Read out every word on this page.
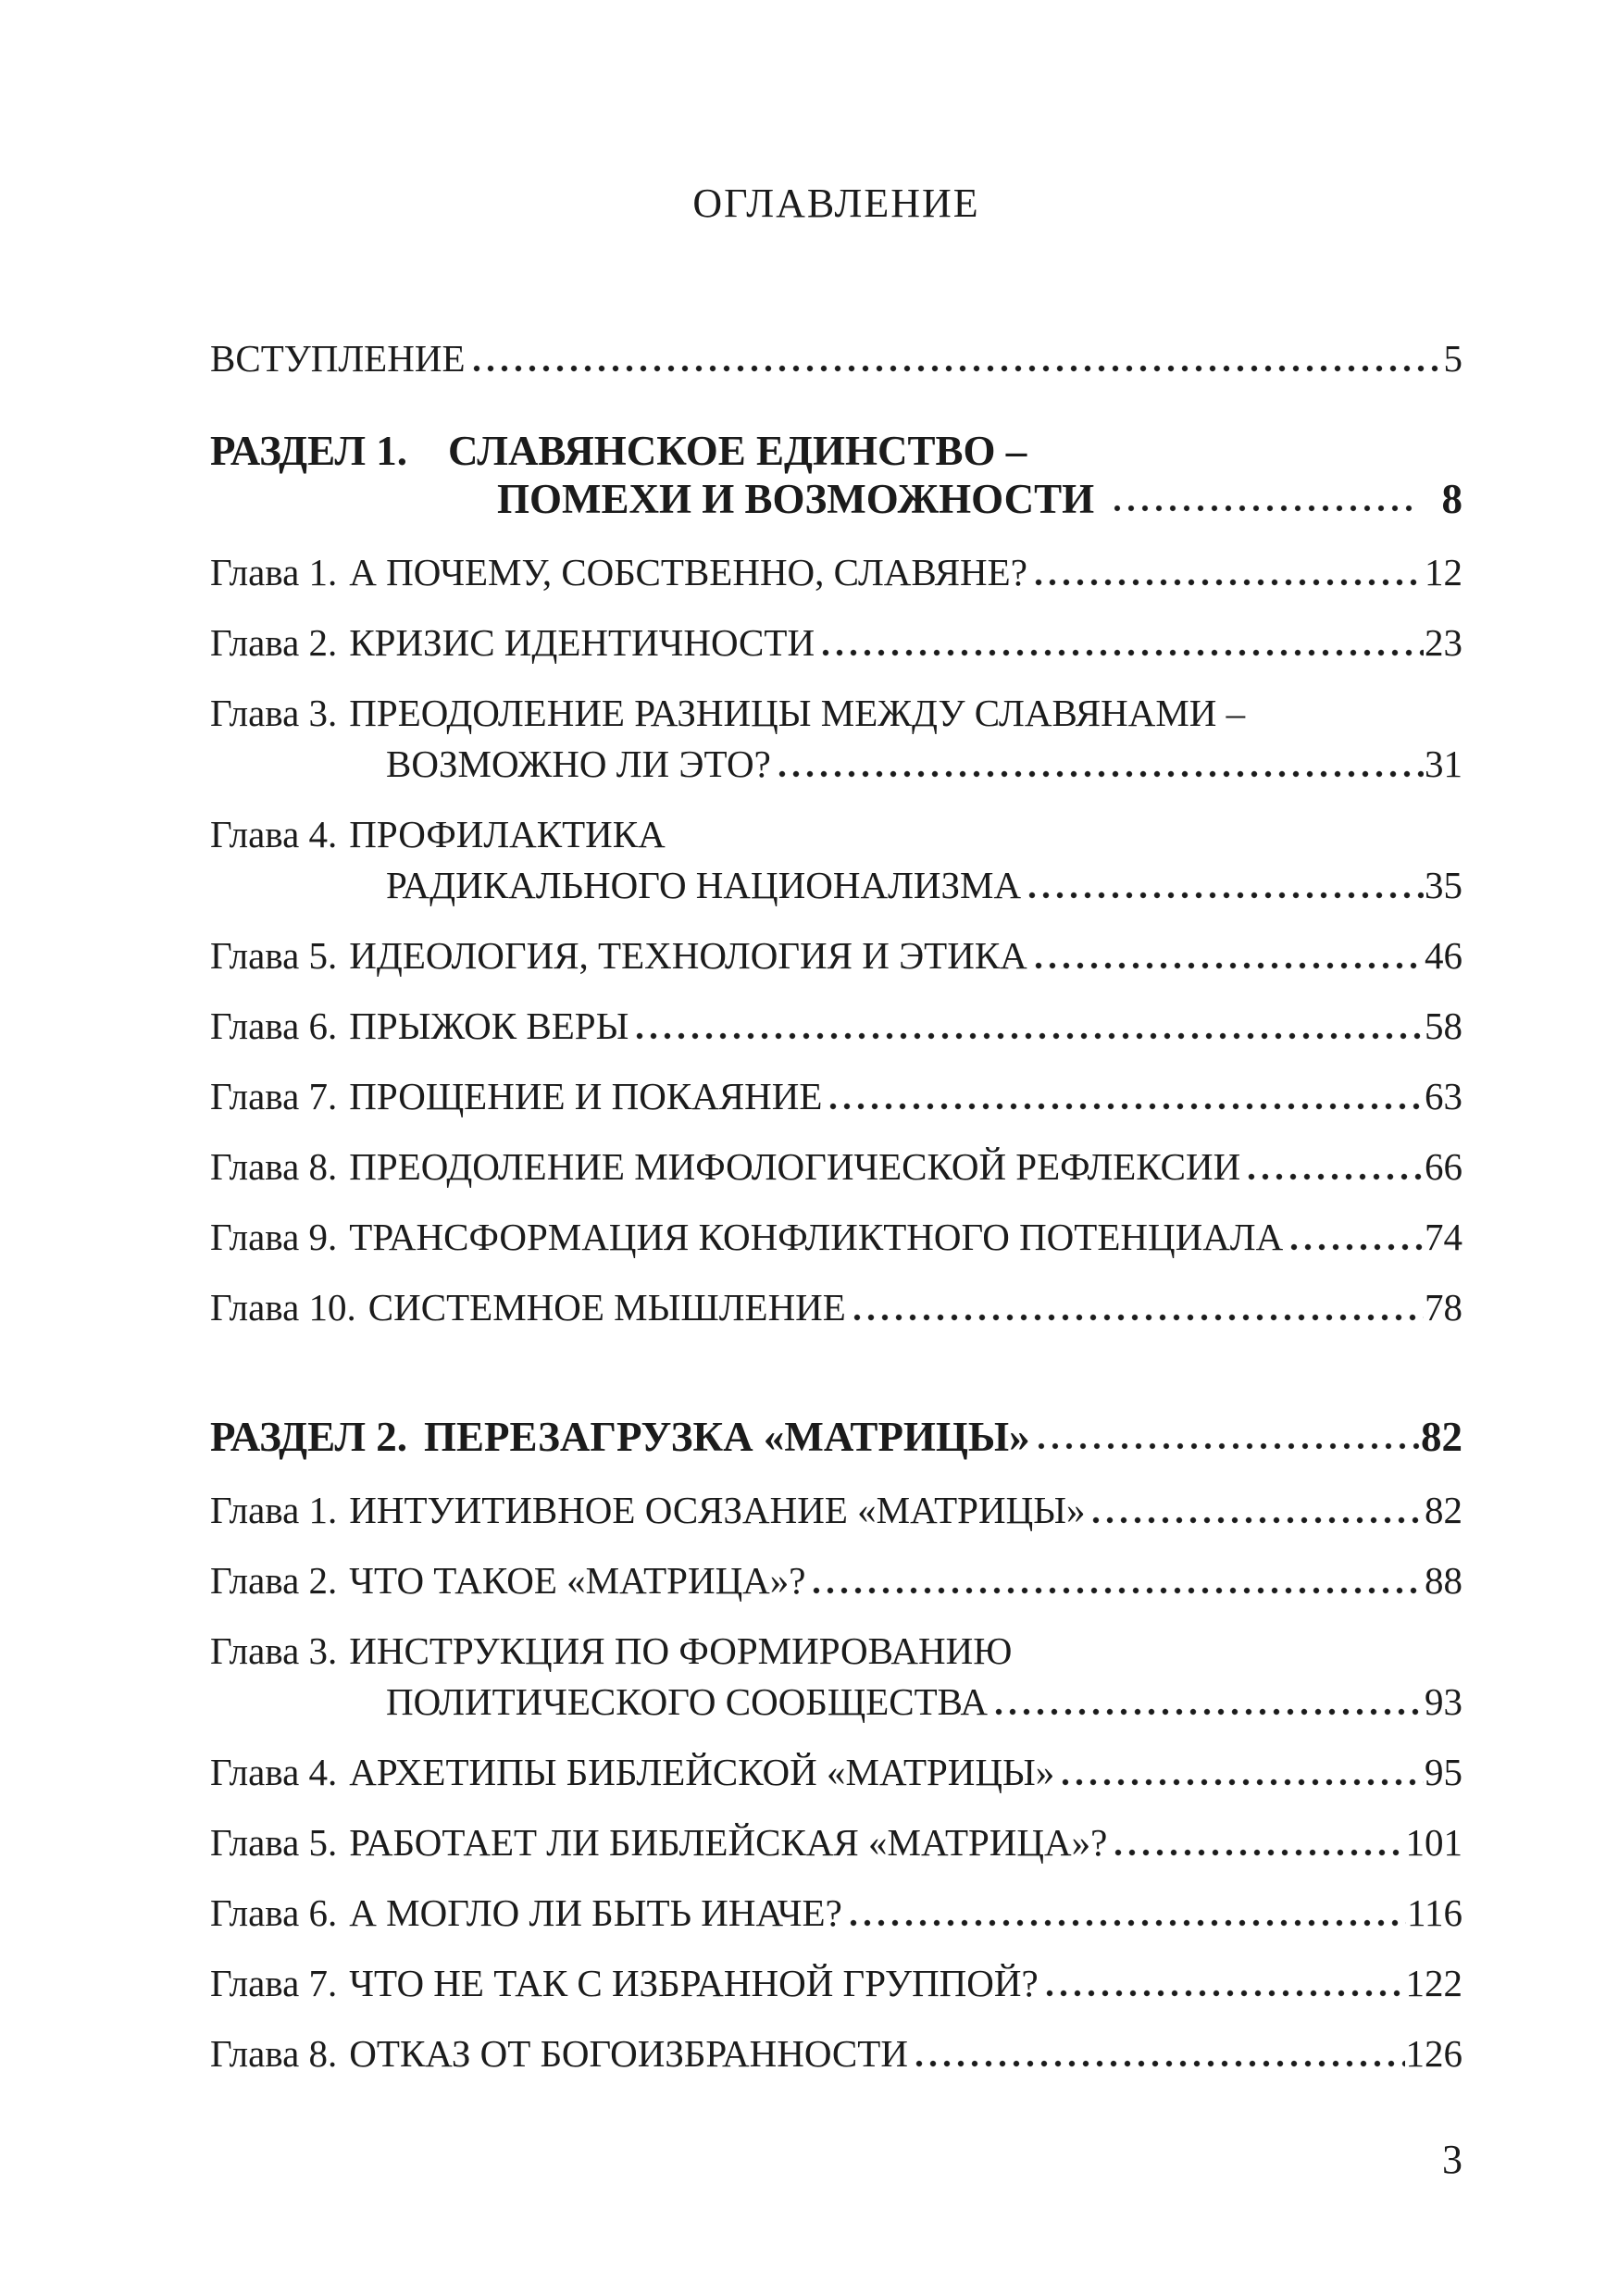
ОГЛАВЛЕНИЕ
ВСТУПЛЕНИЕ	5
РАЗДЕЛ 1. СЛАВЯНСКОЕ ЕДИНСТВО –
ПОМЕХИ И ВОЗМОЖНОСТИ	8
Глава 1. А ПОЧЕМУ, СОБСТВЕННО, СЛАВЯНЕ?	12
Глава 2. КРИЗИС ИДЕНТИЧНОСТИ	23
Глава 3. ПРЕОДОЛЕНИЕ РАЗНИЦЫ МЕЖДУ СЛАВЯНАМИ –
ВОЗМОЖНО ЛИ ЭТО?	31
Глава 4. ПРОФИЛАКТИКА
РАДИКАЛЬНОГО НАЦИОНАЛИЗМА	35
Глава 5. ИДЕОЛОГИЯ, ТЕХНОЛОГИЯ И ЭТИКА	46
Глава 6. ПРЫЖОК ВЕРЫ	58
Глава 7. ПРОЩЕНИЕ И ПОКАЯНИЕ	63
Глава 8. ПРЕОДОЛЕНИЕ МИФОЛОГИЧЕСКОЙ РЕФЛЕКСИИ	66
Глава 9. ТРАНСФОРМАЦИЯ КОНФЛИКТНОГО ПОТЕНЦИАЛА	74
Глава 10. СИСТЕМНОЕ МЫШЛЕНИЕ	78
РАЗДЕЛ 2. ПЕРЕЗАГРУЗКА «МАТРИЦЫ»	82
Глава 1. ИНТУИТИВНОЕ ОСЯЗАНИЕ «МАТРИЦЫ»	82
Глава 2. ЧТО ТАКОЕ «МАТРИЦА»?	88
Глава 3. ИНСТРУКЦИЯ ПО ФОРМИРОВАНИЮ
ПОЛИТИЧЕСКОГО СООБЩЕСТВА	93
Глава 4. АРХЕТИПЫ БИБЛЕЙСКОЙ «МАТРИЦЫ»	95
Глава 5. РАБОТАЕТ ЛИ БИБЛЕЙСКАЯ «МАТРИЦА»?	101
Глава 6. А МОГЛО ЛИ БЫТЬ ИНАЧЕ?	116
Глава 7. ЧТО НЕ ТАК С ИЗБРАННОЙ ГРУППОЙ?	122
Глава 8. ОТКАЗ ОТ БОГОИЗБРАННОСТИ	126
3
